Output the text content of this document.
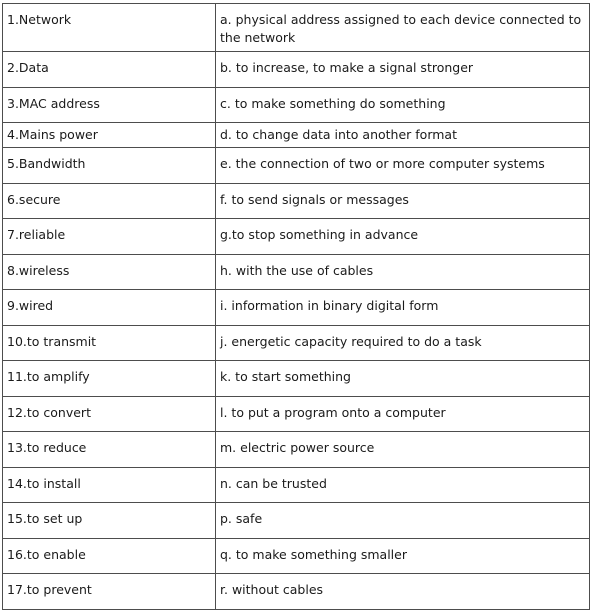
1.Network	a. physical address assigned to each device connected to the network
2.Data	b. to increase, to make a signal stronger
3.MAC address	c. to make something do something
4.Mains power	d. to change data into another format
5.Bandwidth	e. the connection of two or more computer systems
6.secure	f. to send signals or messages
7.reliable	g.to stop something in advance
8.wireless	h. with the use of cables
9.wired	i. information in binary digital form
10.to transmit	j. energetic capacity required to do a task
11.to amplify	k. to start something
12.to convert	l. to put a program onto a computer
13.to reduce	m. electric power source
14.to install	n. can be trusted
15.to set up	p. safe
16.to enable	q. to make something smaller
17.to prevent	r. without cables
